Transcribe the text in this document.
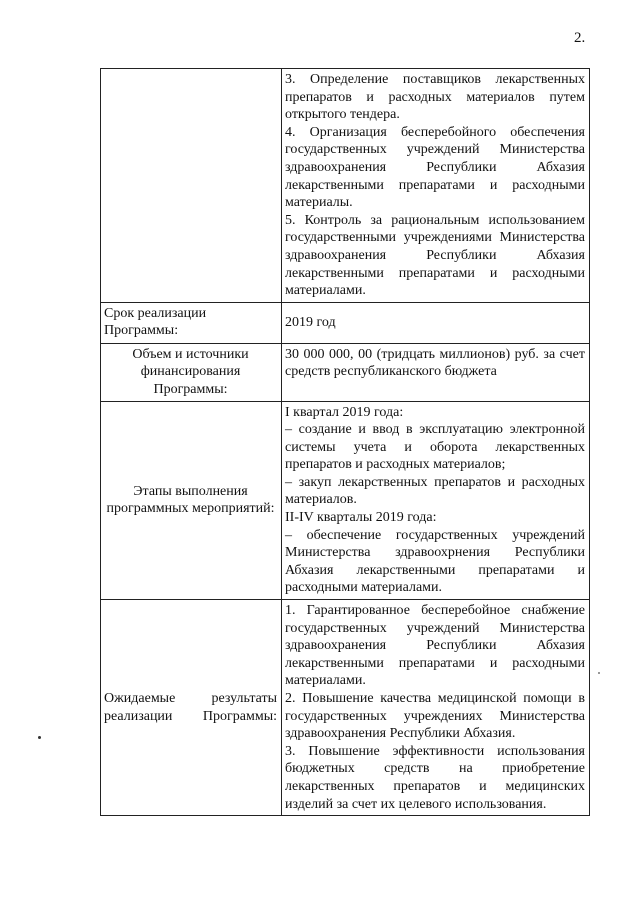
2.

	3. Определение поставщиков лекарственных препаратов и расходных материалов путем открытого тендера.

4. Организация бесперебойного обеспечения государственных учреждений Министерства здравоохранения Республики Абхазия лекарственными препаратами и расходными материалы.

5. Контроль за рациональным использованием государственными учреждениями Министерства здравоохранения Республики Абхазия лекарственными препаратами и расходными материалами.

Срок реализации Программы:	2019 год

Объем и источники финансирования Программы:	30 000 000, 00 (тридцать миллионов) руб. за счет средств республиканского бюджета

Этапы выполнения программных мероприятий:	I квартал 2019 года:

– создание и ввод в эксплуатацию электронной системы учета и оборота лекарственных препаратов и расходных материалов;

– закуп лекарственных препаратов и расходных материалов.

II-IV кварталы 2019 года:

– обеспечение государственных учреждений Министерства здравоохрнения Республики Абхазия лекарственными препаратами и расходными материалами.

Ожидаемые результаты реализации Программы:	1. Гарантированное бесперебойное снабжение государственных учреждений Министерства здравоохранения Республики Абхазия лекарственными препаратами и расходными материалами.

2. Повышение качества медицинской помощи в государственных учреждениях Министерства здравоохранения Республики Абхазия.

3. Повышение эффективности использования бюджетных средств на приобретение лекарственных препаратов и медицинских изделий за счет их целевого использования.
